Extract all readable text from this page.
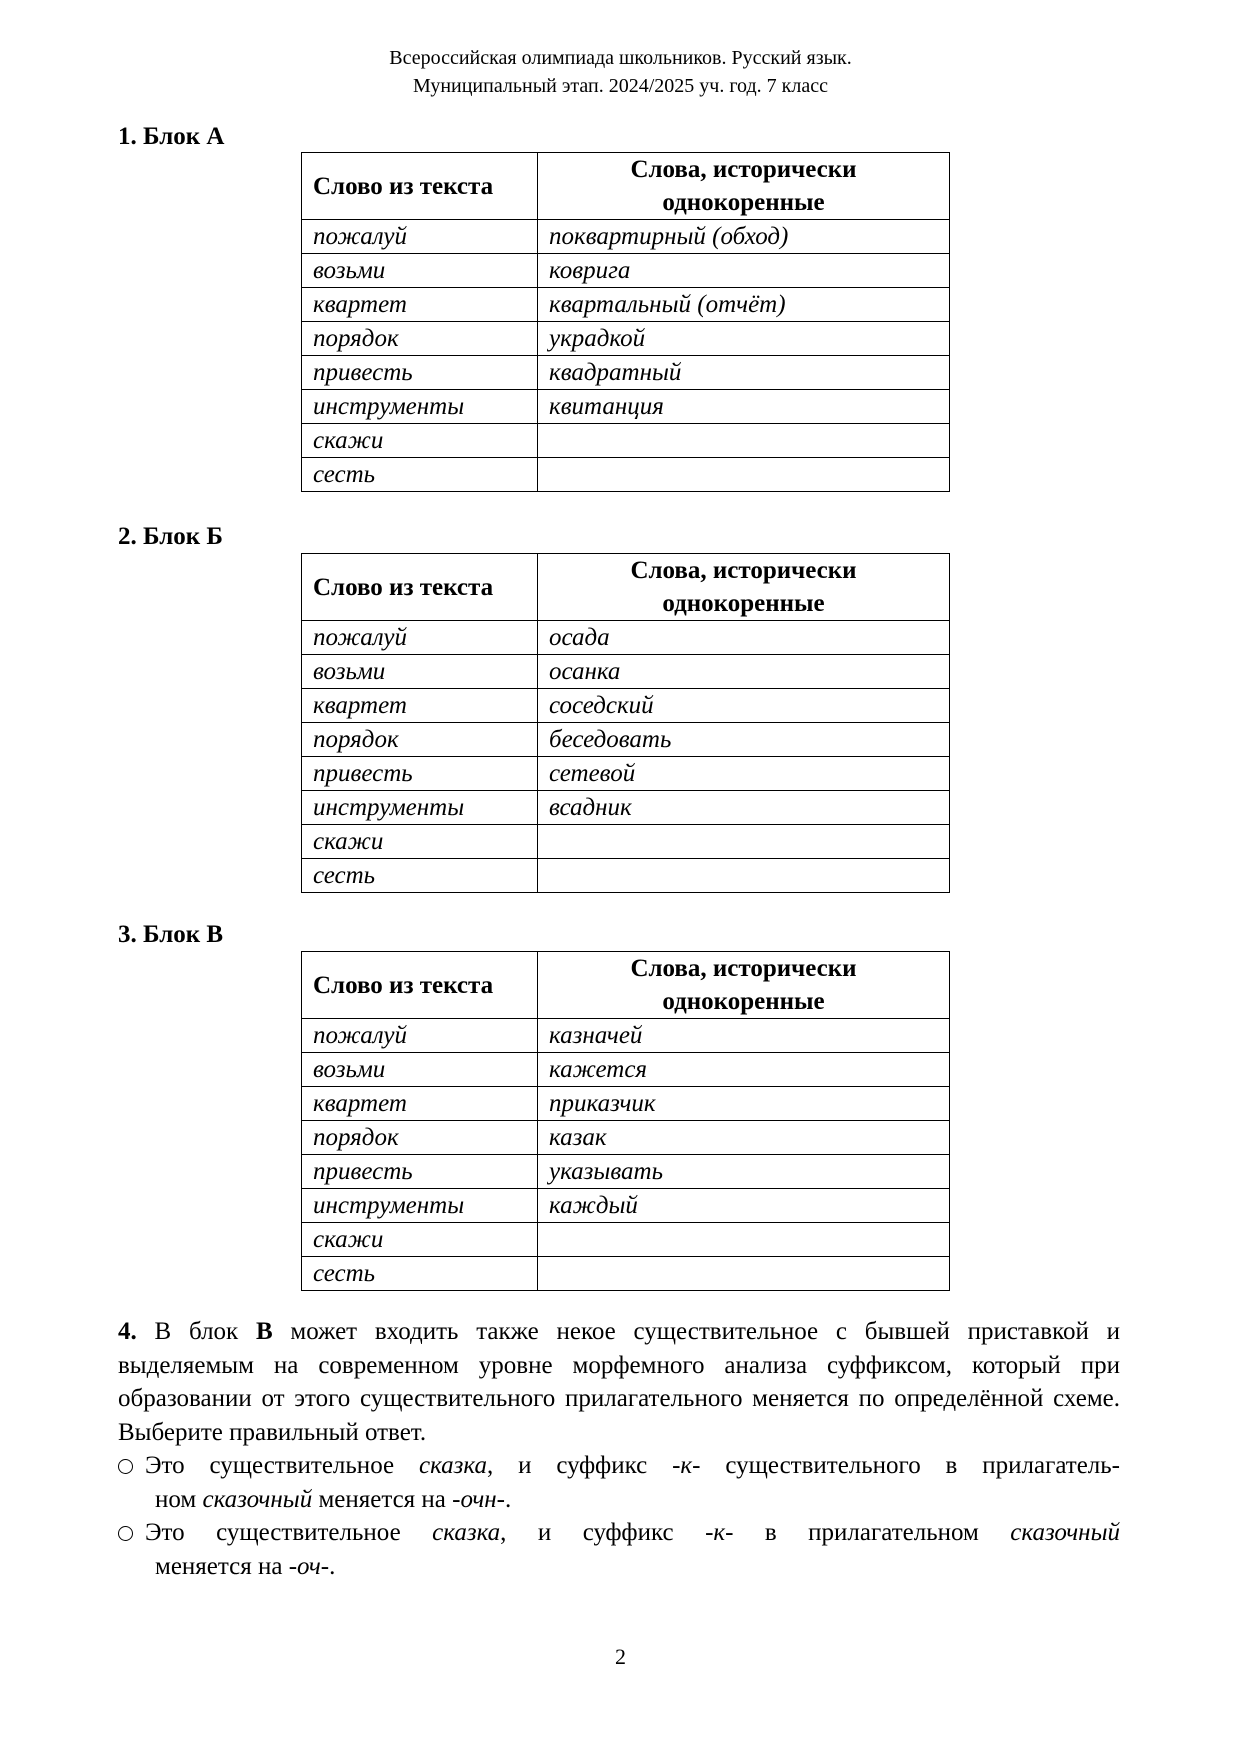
Всероссийская олимпиада школьников. Русский язык.
Муниципальный этап. 2024/2025 уч. год. 7 класс
1. Блок А
Слово из текста	Слова, исторически
однокоренные
пожалуй	поквартирный (обход)
возьми	коврига
квартет	квартальный (отчёт)
порядок	украдкой
привесть	квадратный
инструменты	квитанция
скажи	
сесть	
2. Блок Б
Слово из текста	Слова, исторически
однокоренные
пожалуй	осада
возьми	осанка
квартет	соседский
порядок	беседовать
привесть	сетевой
инструменты	всадник
скажи	
сесть	
3. Блок В
Слово из текста	Слова, исторически
однокоренные
пожалуй	казначей
возьми	кажется
квартет	приказчик
порядок	казак
привесть	указывать
инструменты	каждый
скажи	
сесть	

4. В блок В может входить также некое существительное с бывшей приставкой и выделяемым на современном уровне морфемного анализа суффиксом, который при образовании от этого существительного прилагательного меняется по определённой схеме. Выберите правильный ответ.

Это существительное сказка, и суффикс -к- существительного в прилагатель-
ном сказочный меняется на -очн-.
Это существительное сказка, и суффикс -к- в прилагательном сказочный
меняется на -оч-.
2
